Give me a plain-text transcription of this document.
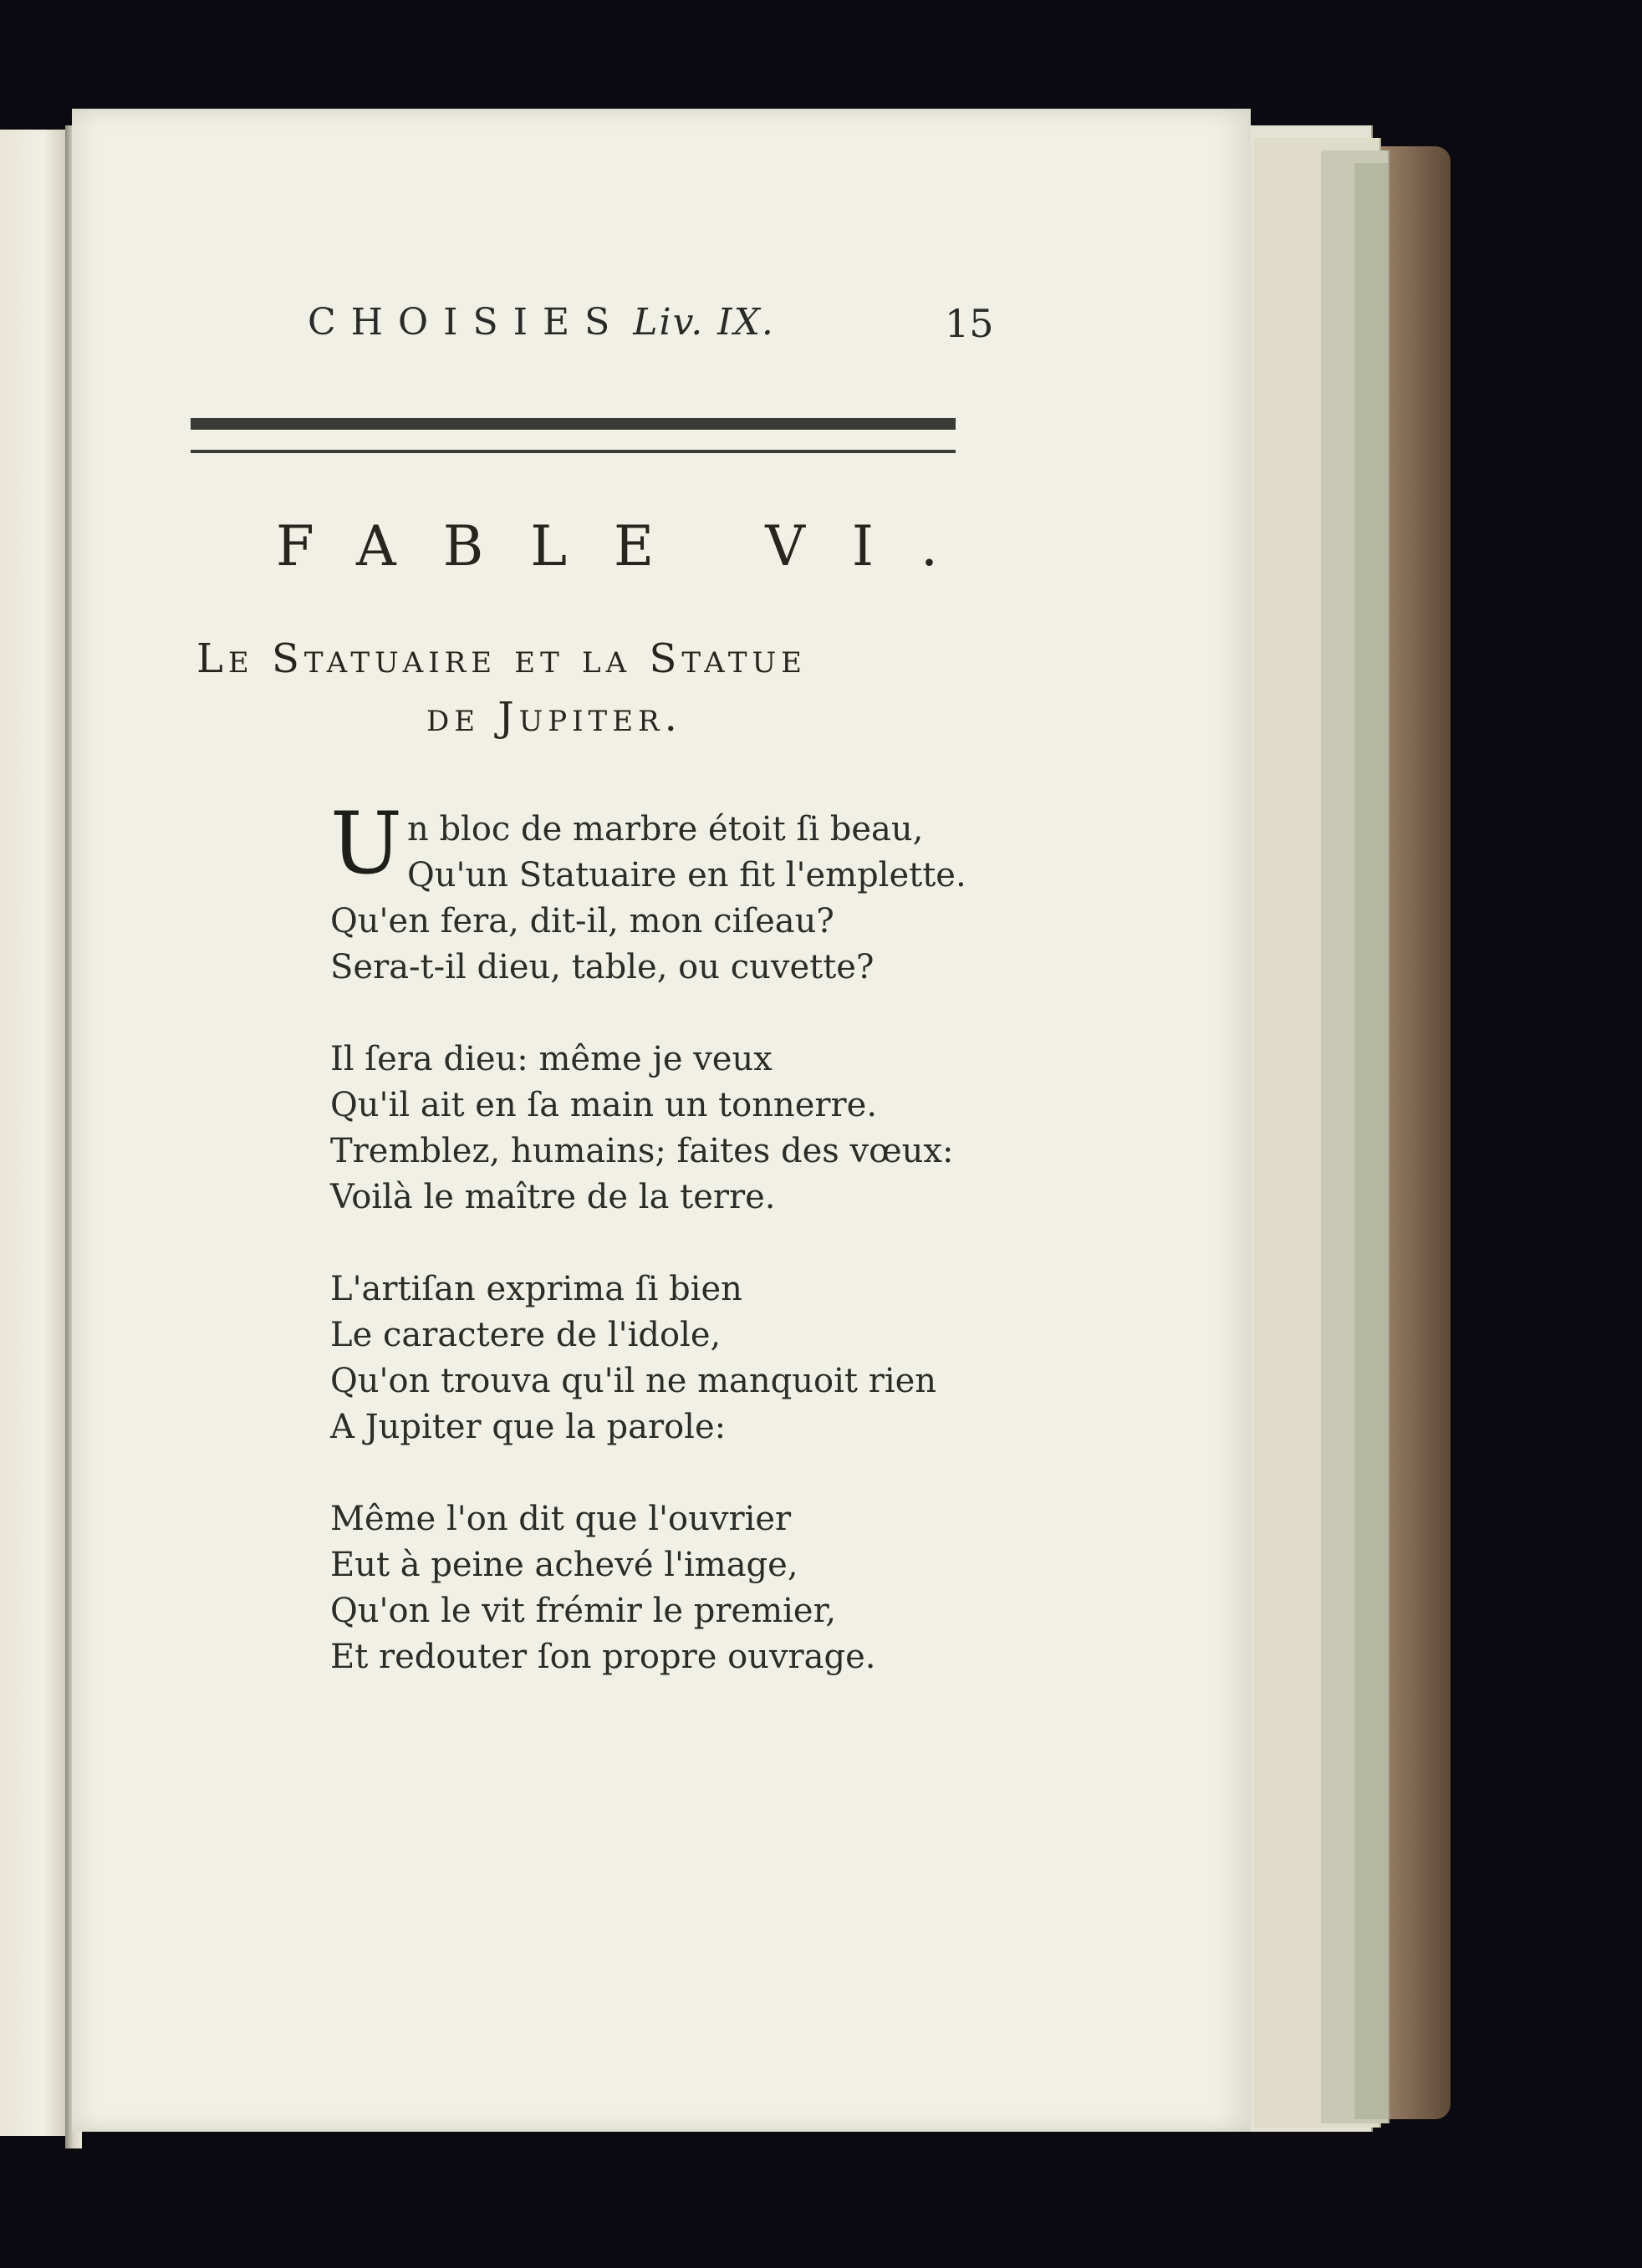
CHOISIES Liv. IX.	15
FABLE VI.
Le Statuaire et la Statue
de Jupiter.
U n bloc de marbre étoit ſi beau,
Qu'un Statuaire en fit l'emplette.
Qu'en fera, dit-il, mon ciſeau?
Sera-t-il dieu, table, ou cuvette?
Il ſera dieu: même je veux
Qu'il ait en ſa main un tonnerre.
Tremblez, humains; faites des vœux:
Voilà le maître de la terre.
L'artiſan exprima ſi bien
Le caractere de l'idole,
Qu'on trouva qu'il ne manquoit rien
A Jupiter que la parole:
Même l'on dit que l'ouvrier
Eut à peine achevé l'image,
Qu'on le vit frémir le premier,
Et redouter ſon propre ouvrage.
